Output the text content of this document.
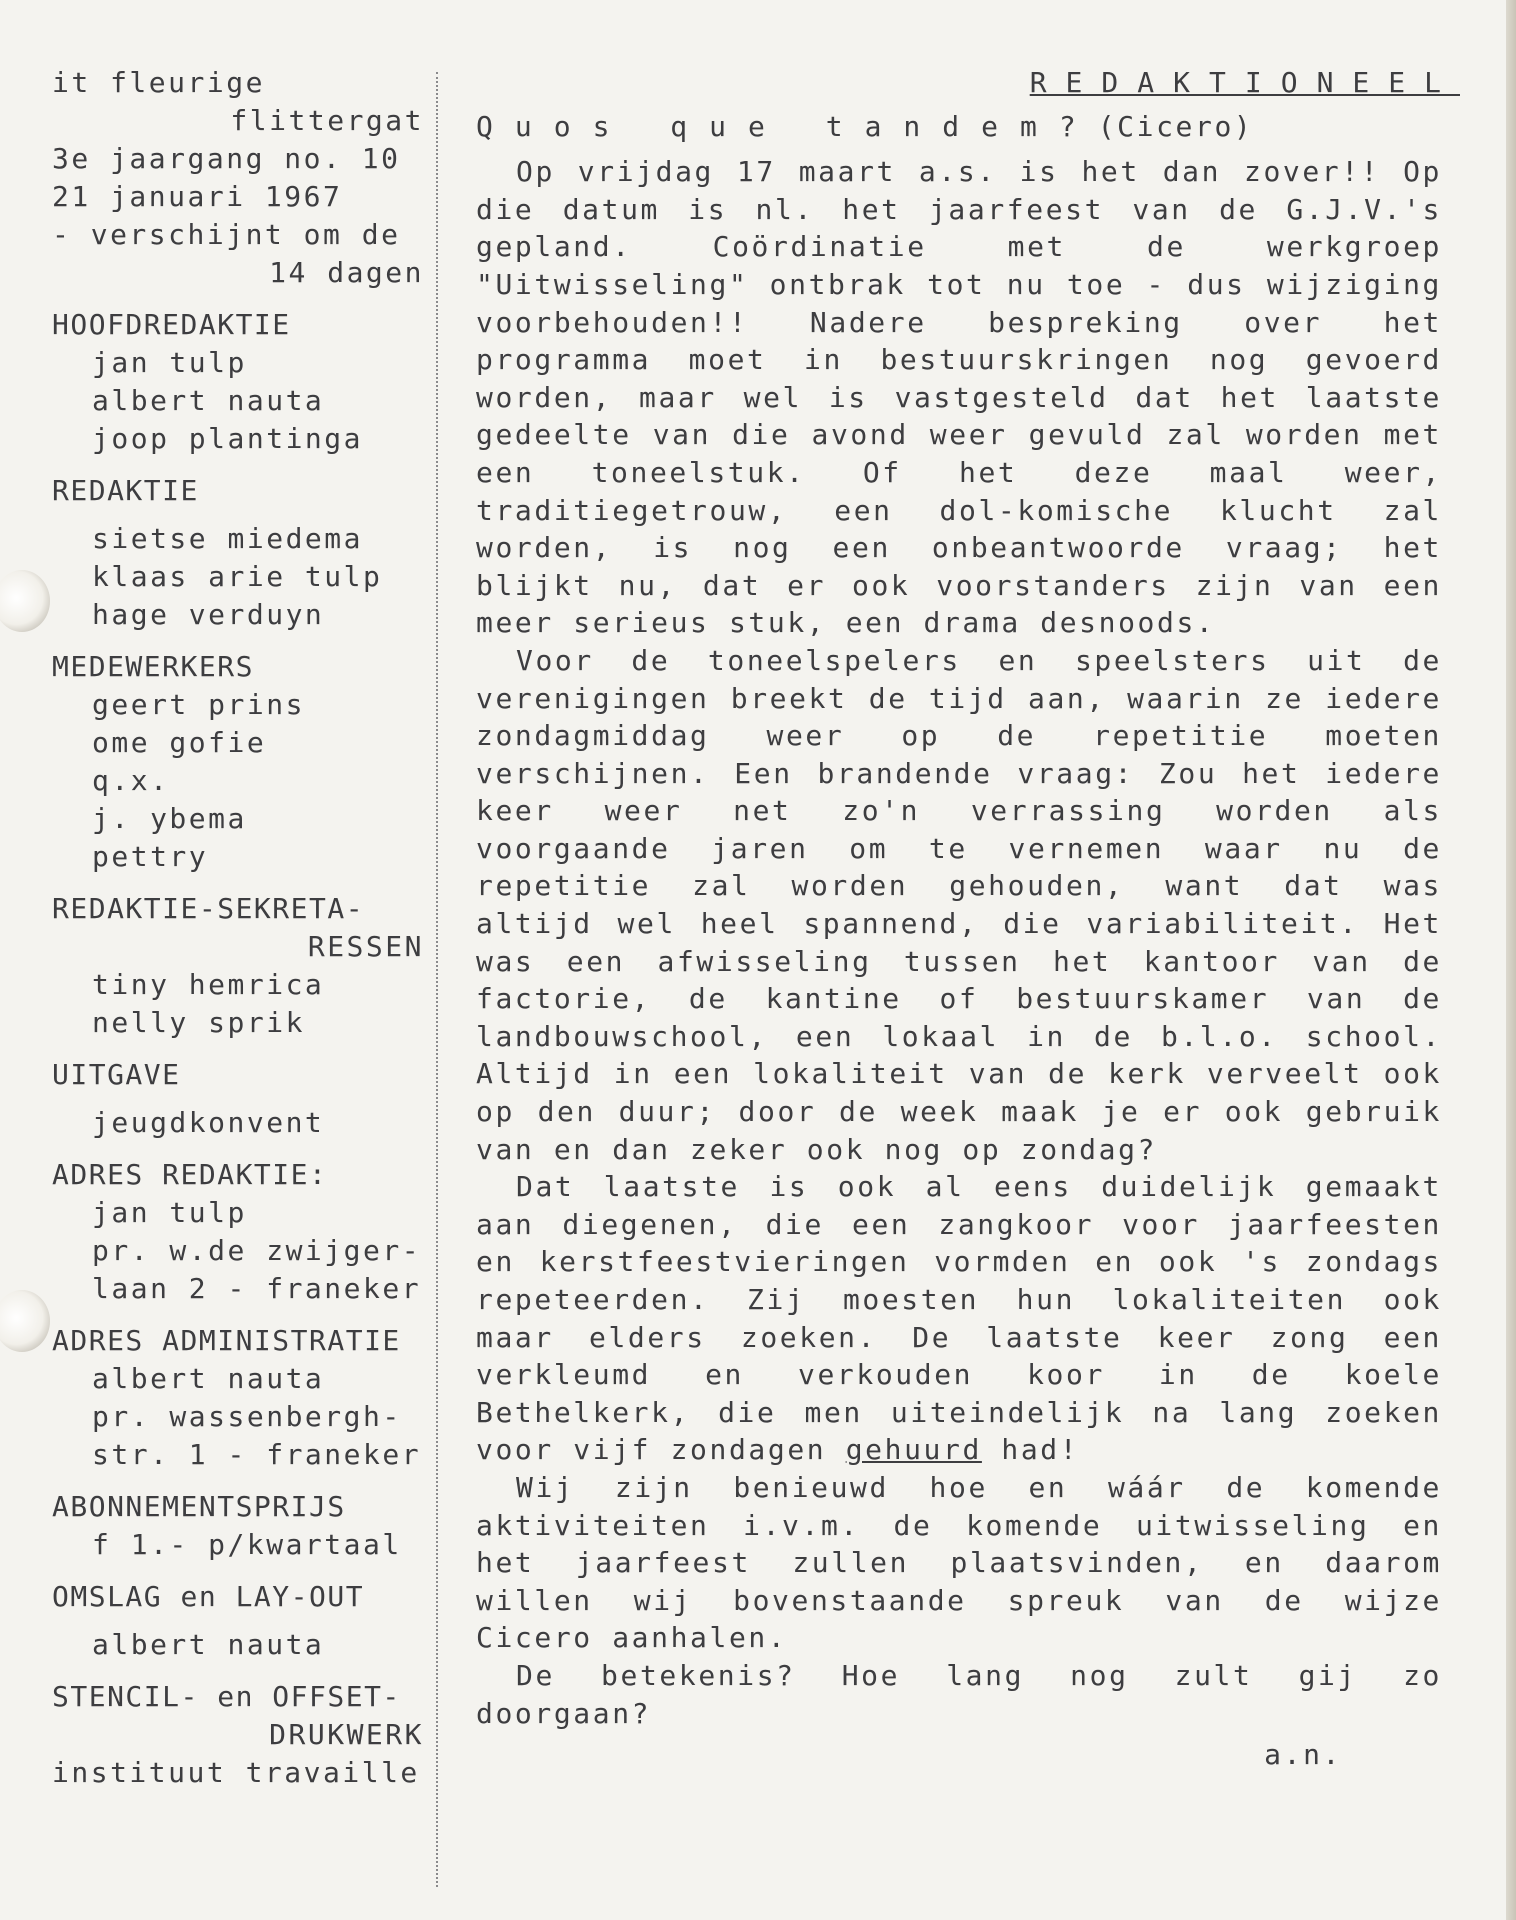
it fleurige
flittergat
3e jaargang no. 10
21 januari 1967
- verschijnt om de
14 dagen
HOOFDREDAKTIE
jan tulp
albert nauta
joop plantinga
REDAKTIE
sietse miedema
klaas arie tulp
hage verduyn
MEDEWERKERS
geert prins
ome gofie
q.x.
j. ybema
pettry
REDAKTIE-SEKRETA-
RESSEN
tiny hemrica
nelly sprik
UITGAVE
jeugdkonvent
ADRES REDAKTIE:
jan tulp
pr. w.de zwijger-
laan 2 - franeker
ADRES ADMINISTRATIE
albert nauta
pr. wassenbergh-
str. 1 - franeker
ABONNEMENTSPRIJS
f 1.- p/kwartaal
OMSLAG en LAY-OUT
albert nauta
STENCIL- en OFFSET-
DRUKWERK
instituut travaille
REDAKTIONEEL
Quos que tandem?(Cicero)
Op vrijdag 17 maart a.s. is het dan zover!! Op die datum is nl. het jaarfeest van de G.J.V.'s gepland. Coördinatie met de werkgroep "Uitwisseling" ontbrak tot nu toe - dus wijziging voorbehouden!! Nadere bespreking over het programma moet in bestuurskringen nog gevoerd worden, maar wel is vastgesteld dat het laatste gedeelte van die avond weer gevuld zal worden met een toneelstuk. Of het deze maal weer, traditiegetrouw, een dol-komische klucht zal worden, is nog een onbeantwoorde vraag; het blijkt nu, dat er ook voorstanders zijn van een meer serieus stuk, een drama desnoods.
Voor de toneelspelers en speelsters uit de verenigingen breekt de tijd aan, waarin ze iedere zondagmiddag weer op de repetitie moeten verschijnen. Een brandende vraag: Zou het iedere keer weer net zo'n verrassing worden als voorgaande jaren om te vernemen waar nu de repetitie zal worden gehouden, want dat was altijd wel heel spannend, die variabiliteit. Het was een afwisseling tussen het kantoor van de factorie, de kantine of bestuurskamer van de landbouwschool, een lokaal in de b.l.o. school. Altijd in een lokaliteit van de kerk verveelt ook op den duur; door de week maak je er ook gebruik van en dan zeker ook nog op zondag?
Dat laatste is ook al eens duidelijk gemaakt aan diegenen, die een zangkoor voor jaarfeesten en kerstfeestvieringen vormden en ook 's zondags repeteerden. Zij moesten hun lokaliteiten ook maar elders zoeken. De laatste keer zong een verkleumd en verkouden koor in de koele Bethelkerk, die men uiteindelijk na lang zoeken voor vijf zondagen gehuurd had!
Wij zijn benieuwd hoe en wáár de komende aktiviteiten i.v.m. de komende uitwisseling en het jaarfeest zullen plaatsvinden, en daarom willen wij bovenstaande spreuk van de wijze Cicero aanhalen.
De betekenis? Hoe lang nog zult gij zo doorgaan?
a.n.
